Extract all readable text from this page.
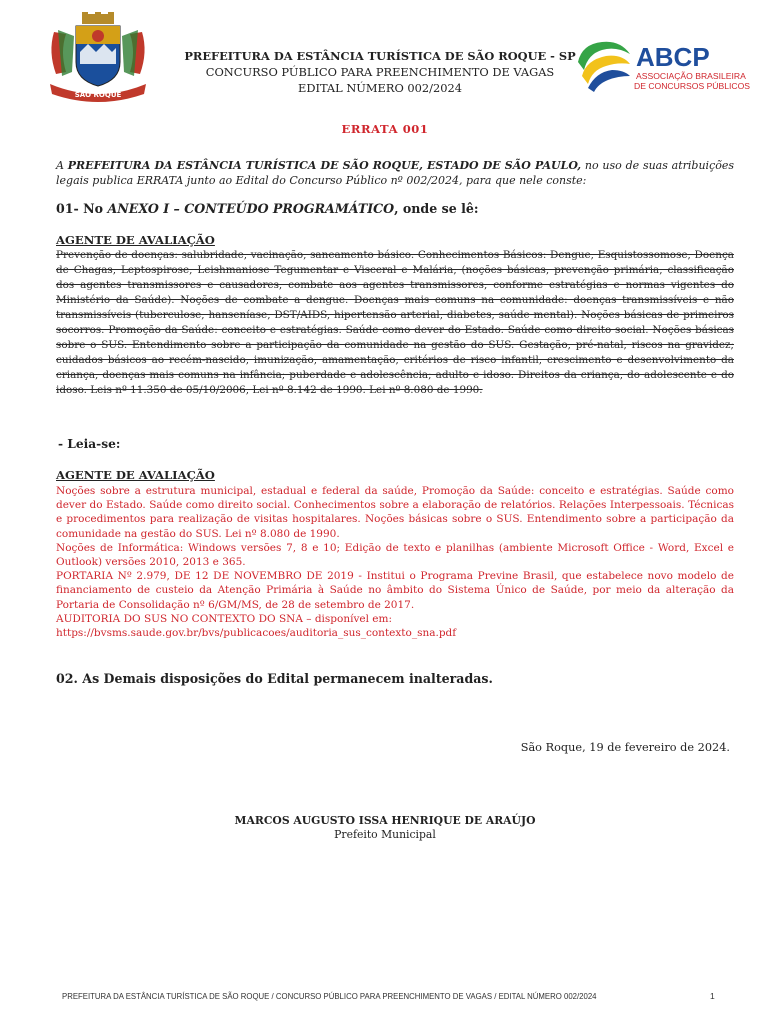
SÃO ROQUE
ABCP
ASSOCIAÇÃO BRASILEIRA
DE CONCURSOS PÚBLICOS
PREFEITURA DA ESTÂNCIA TURÍSTICA DE SÃO ROQUE - SP
CONCURSO PÚBLICO PARA PREENCHIMENTO DE VAGAS
EDITAL NÚMERO 002/2024
ERRATA 001
A PREFEITURA DA ESTÂNCIA TURÍSTICA DE SÃO ROQUE, ESTADO DE SÃO PAULO, no uso de suas atribuições legais publica ERRATA junto ao Edital do Concurso Público nº 002/2024, para que nele conste:
01- No ANEXO I – CONTEÚDO PROGRAMÁTICO, onde se lê:
AGENTE DE AVALIAÇÃO
Prevenção de doenças: salubridade, vacinação, saneamento básico. Conhecimentos Básicos: Dengue, Esquistossomose, Doença de Chagas, Leptospirose, Leishmaniose Tegumentar e Visceral e Malária, (noções básicas, prevenção primária, classificação dos agentes transmissores e causadores, combate aos agentes transmissores, conforme estratégias e normas vigentes do Ministério da Saúde). Noções de combate a dengue. Doenças mais comuns na comunidade: doenças transmissíveis e não transmissíveis (tuberculose, hanseníase, DST/AIDS, hipertensão arterial, diabetes, saúde mental). Noções básicas de primeiros socorros. Promoção da Saúde: conceito e estratégias. Saúde como dever do Estado. Saúde como direito social. Noções básicas sobre o SUS. Entendimento sobre a participação da comunidade na gestão do SUS. Gestação, pré-natal, riscos na gravidez; cuidados básicos ao recém-nascido, imunização, amamentação, critérios de risco infantil, crescimento e desenvolvimento da criança, doenças mais comuns na infância; puberdade e adolescência; adulto e idoso. Direitos da criança, do adolescente e do idoso. Leis nº 11.350 de 05/10/2006, Lei nº 8.142 de 1990. Lei nº 8.080 de 1990.
- Leia-se:
AGENTE DE AVALIAÇÃO

Noções sobre a estrutura municipal, estadual e federal da saúde, Promoção da Saúde: conceito e estratégias. Saúde como dever do Estado. Saúde como direito social. Conhecimentos sobre a elaboração de relatórios. Relações Interpessoais. Técnicas e procedimentos para realização de visitas hospitalares. Noções básicas sobre o SUS. Entendimento sobre a participação da comunidade na gestão do SUS. Lei nº 8.080 de 1990.

Noções de Informática: Windows versões 7, 8 e 10; Edição de texto e planilhas (ambiente Microsoft Office - Word, Excel e Outlook) versões 2010, 2013 e 365.

PORTARIA Nº 2.979, DE 12 DE NOVEMBRO DE 2019 - Institui o Programa Previne Brasil, que estabelece novo modelo de financiamento de custeio da Atenção Primária à Saúde no âmbito do Sistema Único de Saúde, por meio da alteração da Portaria de Consolidação nº 6/GM/MS, de 28 de setembro de 2017.

AUDITORIA DO SUS NO CONTEXTO DO SNA – disponível em:

https://bvsms.saude.gov.br/bvs/publicacoes/auditoria_sus_contexto_sna.pdf

02. As Demais disposições do Edital permanecem inalteradas.
São Roque, 19 de fevereiro de 2024.
MARCOS AUGUSTO ISSA HENRIQUE DE ARAÚJO
Prefeito Municipal
PREFEITURA DA ESTÂNCIA TURÍSTICA DE SÃO ROQUE / CONCURSO PÚBLICO PARA PREENCHIMENTO DE VAGAS / EDITAL NÚMERO 002/2024	1
